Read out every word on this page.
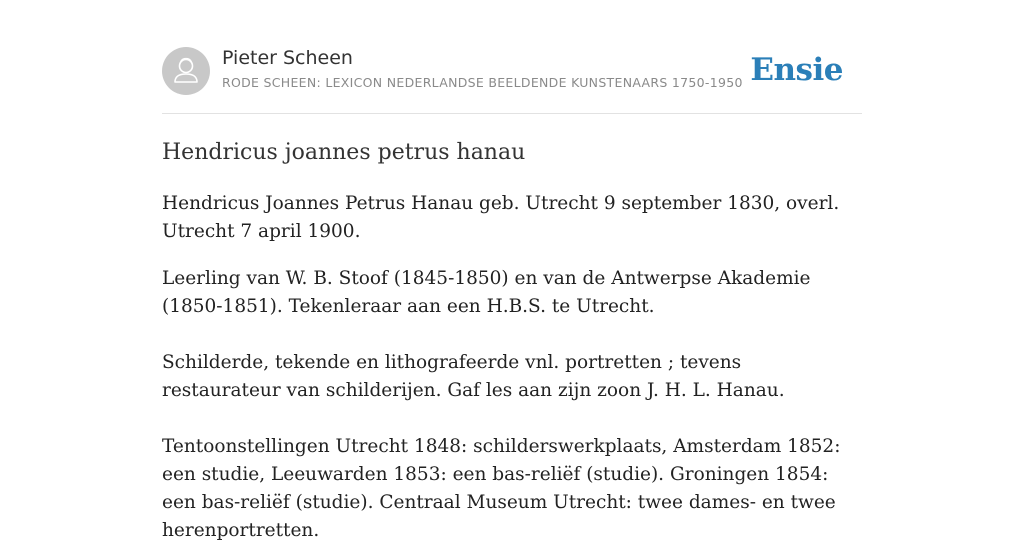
Pieter Scheen
RODE SCHEEN: LEXICON NEDERLANDSE BEELDENDE KUNSTENAARS 1750-1950 Ensie
Hendricus joannes petrus hanau

Hendricus Joannes Petrus Hanau geb. Utrecht 9 september 1830, overl. Utrecht 7 april 1900.

Leerling van W. B. Stoof (1845-1850) en van de Antwerpse Akademie (1850-1851). Tekenleraar aan een H.B.S. te Utrecht.

Schilderde, tekende en lithografeerde vnl. portretten ; tevens restaurateur van schilderijen. Gaf les aan zijn zoon J. H. L. Hanau.

Tentoonstellingen Utrecht 1848: schilderswerkplaats, Amsterdam 1852: een studie, Leeuwarden 1853: een bas-reliëf (studie). Groningen 1854: een bas-reliëf (studie). Centraal Museum Utrecht: twee dames- en twee herenportretten.
